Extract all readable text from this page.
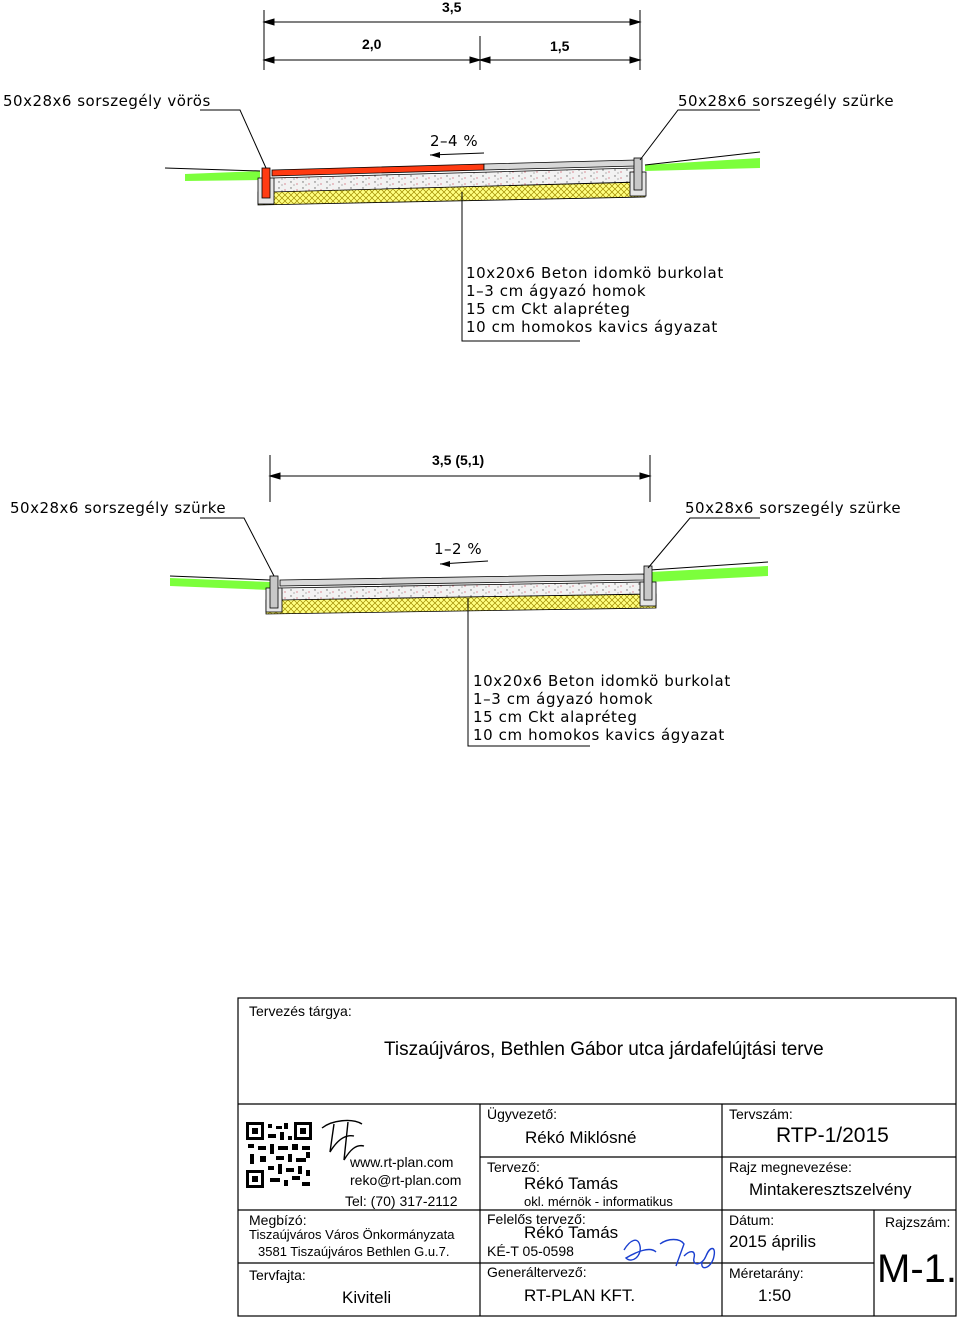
3,5
2,0	1,5
50x28x6 sorszegély vörös	50x28x6 sorszegély szürke
2–4 %
10x20x6 Beton idomkö burkolat
1–3 cm ágyazó homok
15 cm Ckt alapréteg
10 cm homokos kavics ágyazat
3,5 (5,1)
50x28x6 sorszegély szürke	50x28x6 sorszegély szürke
1–2 %
10x20x6 Beton idomkö burkolat
1–3 cm ágyazó homok
15 cm Ckt alapréteg
10 cm homokos kavics ágyazat
Tervezés tárgya:
Tiszaújváros, Bethlen Gábor utca járdafelújtási terve
www.rt-plan.com
reko@rt-plan.com
Tel: (70) 317-2112
Megbízó:
Tiszaújváros Város Önkormányzata
3581 Tiszaújváros Bethlen G.u.7.
Tervfajta:
Kiviteli
Ügyvezető:
Rékó Miklósné
Tervező:
Rékó Tamás
okl. mérnök - informatikus
Felelős tervező:
Rékó Tamás
KÉ-T 05-0598
Generáltervező:
RT-PLAN KFT.
Tervszám:
RTP-1/2015
Rajz megnevezése:
Mintakeresztszelvény
Dátum:
2015 április
Méretarány:
1:50
Rajzszám:
M-1.
